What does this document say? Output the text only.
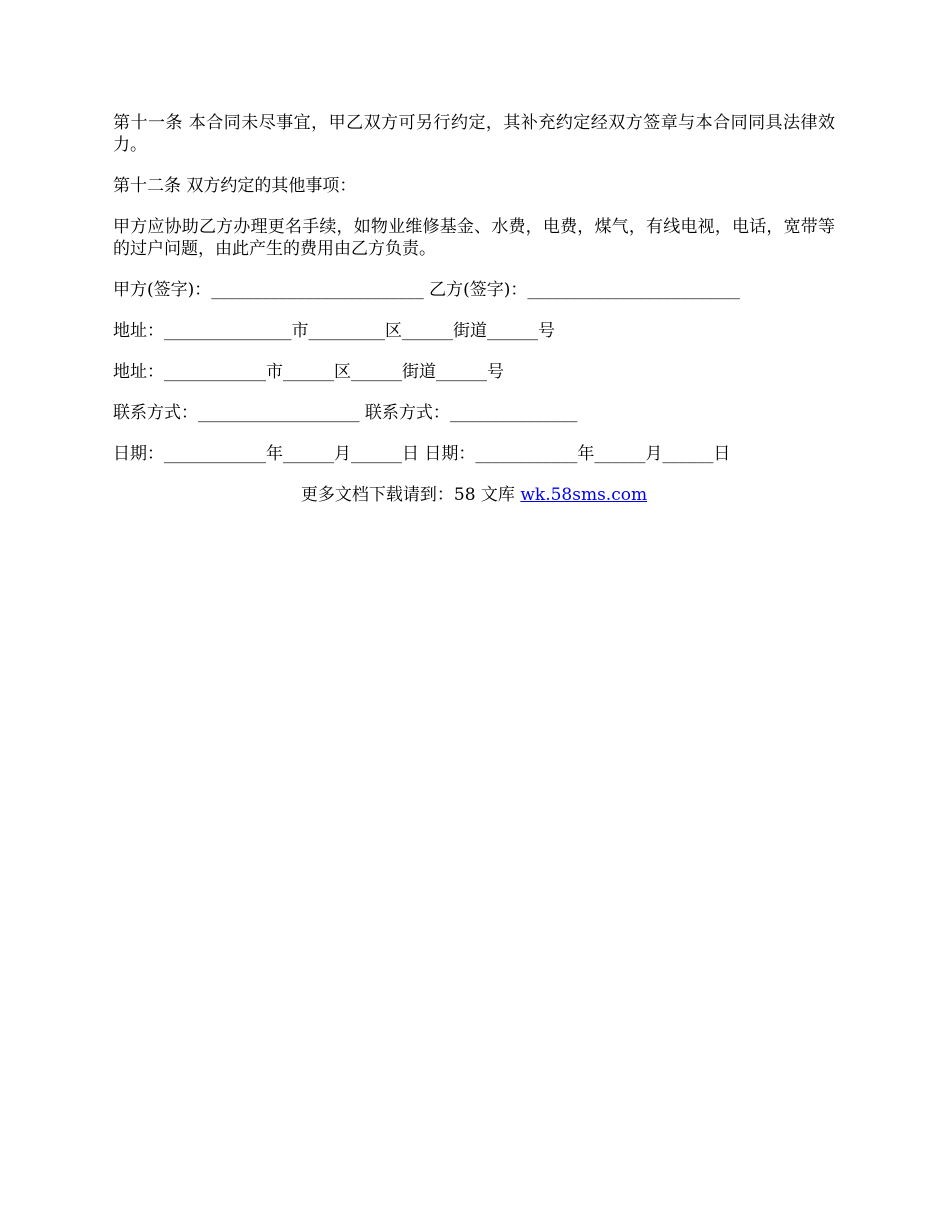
第十一条 本合同未尽事宜，甲乙双方可另行约定，其补充约定经双方签章与本合同同具法律效力。

第十二条 双方约定的其他事项：

甲方应协助乙方办理更名手续，如物业维修基金、水费，电费，煤气，有线电视，电话，宽带等的过户问题，由此产生的费用由乙方负责。

甲方(签字)：_________________________ 乙方(签字)：_________________________

地址：_______________市_________区______街道______号

地址：____________市______区______街道______号

联系方式：___________________ 联系方式：_______________

日期：____________年______月______日 日期：____________年______月______日

更多文档下载请到：58 文库 wk.58sms.com
